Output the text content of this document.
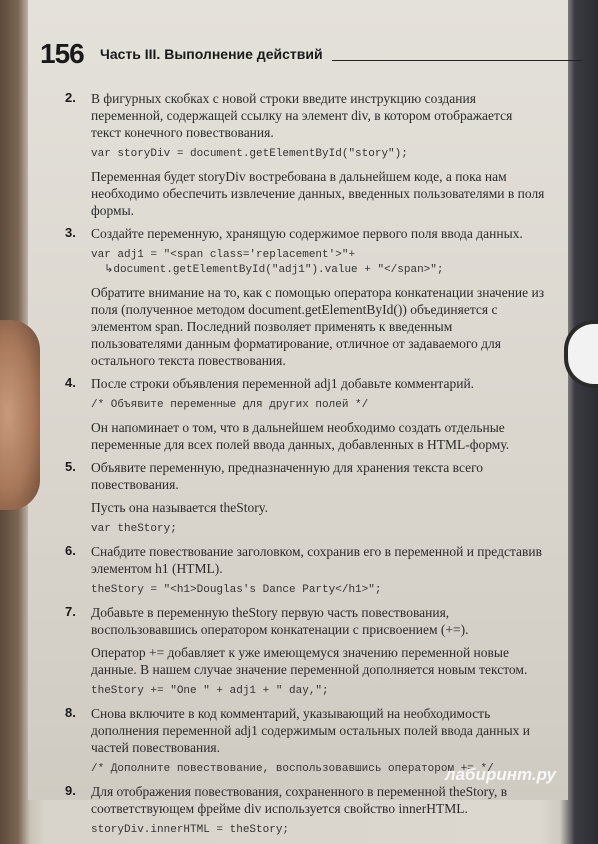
156 Часть III. Выполнение действий
2. В фигурных скобках с новой строки введите инструкцию создания переменной, содержащей ссылку на элемент div, в котором отображается текст конечного повествования.

var storyDiv = document.getElementById("story");

Переменная будет storyDiv востребована в дальнейшем коде, а пока нам необходимо обеспечить извлечение данных, введенных пользователями в поля формы.

3. Создайте переменную, хранящую содержимое первого поля ввода данных.

var adj1 = "<span class='replacement'>"+
↳document.getElementById("adj1").value + "</span>";

Обратите внимание на то, как с помощью оператора конкатенации значение из поля (полученное методом document.getElementById()) объединяется с элементом span. Последний позволяет применять к введенным пользователями данным форматирование, отличное от задаваемого для остального текста повествования.

4. После строки объявления переменной adj1 добавьте комментарий.

/* Объявите переменные для других полей */

Он напоминает о том, что в дальнейшем необходимо создать отдельные переменные для всех полей ввода данных, добавленных в HTML-форму.

5. Объявите переменную, предназначенную для хранения текста всего повествования.

Пусть она называется theStory.

var theStory;
6. Снабдите повествование заголовком, сохранив его в переменной и представив элементом h1 (HTML).

theStory = "<h1>Douglas's Dance Party</h1>";
7. Добавьте в переменную theStory первую часть повествования, воспользовавшись оператором конкатенации с присвоением (+=).

Оператор += добавляет к уже имеющемуся значению переменной новые данные. В нашем случае значение переменной дополняется новым текстом.

theStory += "One " + adj1 + " day,";
8. Снова включите в код комментарий, указывающий на необходимость дополнения переменной adj1 содержимым остальных полей ввода данных и частей повествования.

/* Дополните повествование, воспользовавшись оператором += */
9. Для отображения повествования, сохраненного в переменной theStory, в соответствующем фрейме div используется свойство innerHTML.

storyDiv.innerHTML = theStory;
лабиринт.ру
